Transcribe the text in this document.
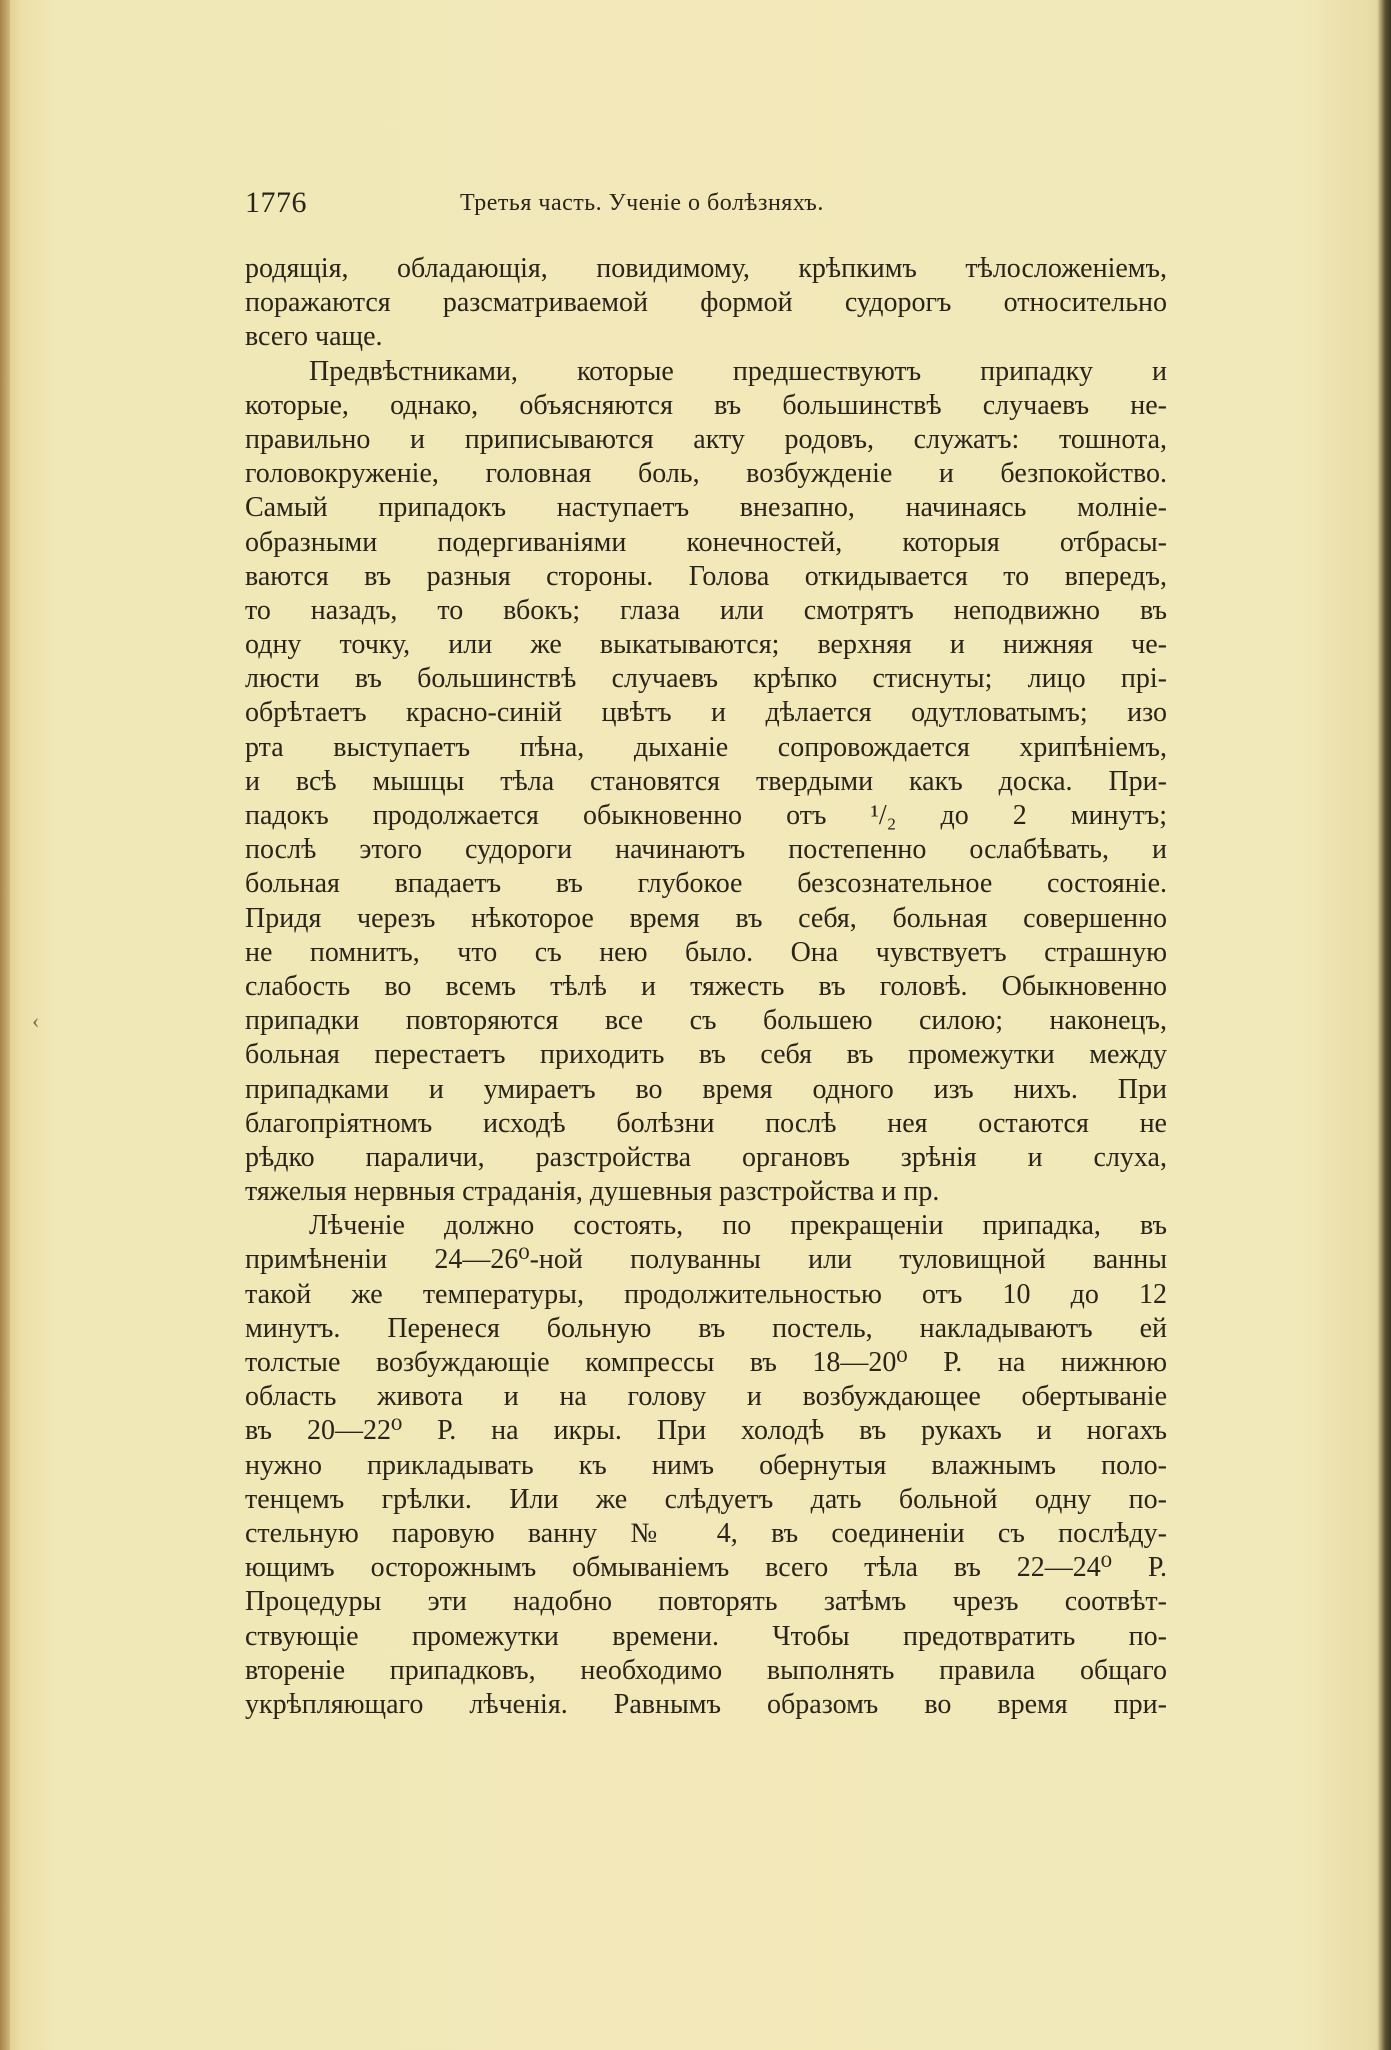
1776	Третья часть. Ученіе о болѣзняхъ.
‹
родящія, обладающія, повидимому, крѣпкимъ тѣлосложеніемъ,
поражаются разсматриваемой формой судорогъ относительно
всего чаще.
Предвѣстниками, которые предшествуютъ припадку и
которые, однако, объясняются въ большинствѣ случаевъ не-
правильно и приписываются акту родовъ, служатъ: тошнота,
головокруженіе, головная боль, возбужденіе и безпокойство.
Самый припадокъ наступаетъ внезапно, начинаясь молніе-
образными подергиваніями конечностей, которыя отбрасы-
ваются въ разныя стороны. Голова откидывается то впередъ,
то назадъ, то вбокъ; глаза или смотрятъ неподвижно въ
одну точку, или же выкатываются; верхняя и нижняя че-
люсти въ большинствѣ случаевъ крѣпко стиснуты; лицо прі-
обрѣтаетъ красно-синій цвѣтъ и дѣлается одутловатымъ; изо
рта выступаетъ пѣна, дыханіе сопровождается хрипѣніемъ,
и всѣ мышцы тѣла становятся твердыми какъ доска. При-
падокъ продолжается обыкновенно отъ ¹/₂ до 2 минутъ;
послѣ этого судороги начинаютъ постепенно ослабѣвать, и
больная впадаетъ въ глубокое безсознательное состояніе.
Придя черезъ нѣкоторое время въ себя, больная совершенно
не помнитъ, что съ нею было. Она чувствуетъ страшную
слабость во всемъ тѣлѣ и тяжесть въ головѣ. Обыкновенно
припадки повторяются все съ большею силою; наконецъ,
больная перестаетъ приходить въ себя въ промежутки между
припадками и умираетъ во время одного изъ нихъ. При
благопріятномъ исходѣ болѣзни послѣ нея остаются не
рѣдко параличи, разстройства органовъ зрѣнія и слуха,
тяжелыя нервныя страданія, душевныя разстройства и пр.
Лѣченіе должно состоять, по прекращеніи припадка, въ
примѣненіи 24—26⁰-ной полуванны или туловищной ванны
такой же температуры, продолжительностью отъ 10 до 12
минутъ. Перенеся больную въ постель, накладываютъ ей
толстые возбуждающіе компрессы въ 18—20⁰ Р. на нижнюю
область живота и на голову и возбуждающее обертываніе
въ 20—22⁰ Р. на икры. При холодѣ въ рукахъ и ногахъ
нужно прикладывать къ нимъ обернутыя влажнымъ поло-
тенцемъ грѣлки. Или же слѣдуетъ дать больной одну по-
стельную паровую ванну № 4, въ соединеніи съ послѣду-
ющимъ осторожнымъ обмываніемъ всего тѣла въ 22—24⁰ Р.
Процедуры эти надобно повторять затѣмъ чрезъ соотвѣт-
ствующіе промежутки времени. Чтобы предотвратить по-
втореніе припадковъ, необходимо выполнять правила общаго
укрѣпляющаго лѣченія. Равнымъ образомъ во время при-
